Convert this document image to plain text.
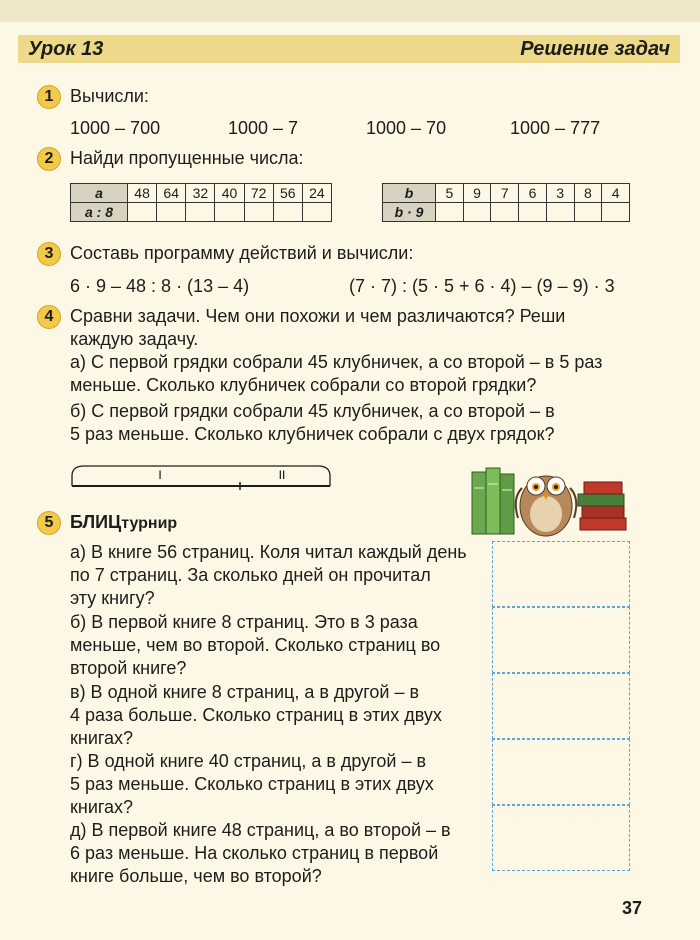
Урок 13	Решение задач
1 Вычисли:
1000 – 700	1000 – 7	1000 – 70	1000 – 777
2 Найди пропущенные числа:
a	48	64	32	40	72	56	24
a : 8							
b	5	9	7	6	3	8	4
b · 9							
3 Составь программу действий и вычисли:
6 · 9 – 48 : 8 · (13 – 4)	(7 · 7) : (5 · 5 + 6 · 4) – (9 – 9) · 3
4 Сравни задачи. Чем они похожи и чем различаются? Реши
каждую задачу.
а) С первой грядки собрали 45 клубничек, а со второй – в 5 раз
меньше. Сколько клубничек собрали со второй грядки?
б) С первой грядки собрали 45 клубничек, а со второй – в
5 раз меньше. Сколько клубничек собрали с двух грядок?
I	II
5 БЛИЦтурнир
а) В книге 56 страниц. Коля читал каждый день
по 7 страниц. За сколько дней он прочитал
эту книгу?
б) В первой книге 8 страниц. Это в 3 раза
меньше, чем во второй. Сколько страниц во
второй книге?
в) В одной книге 8 страниц, а в другой – в
4 раза больше. Сколько страниц в этих двух
книгах?
г) В одной книге 40 страниц, а в другой – в
5 раз меньше. Сколько страниц в этих двух
книгах?
д) В первой книге 48 страниц, а во второй – в
6 раз меньше. На сколько страниц в первой
книге больше, чем во второй?
37
